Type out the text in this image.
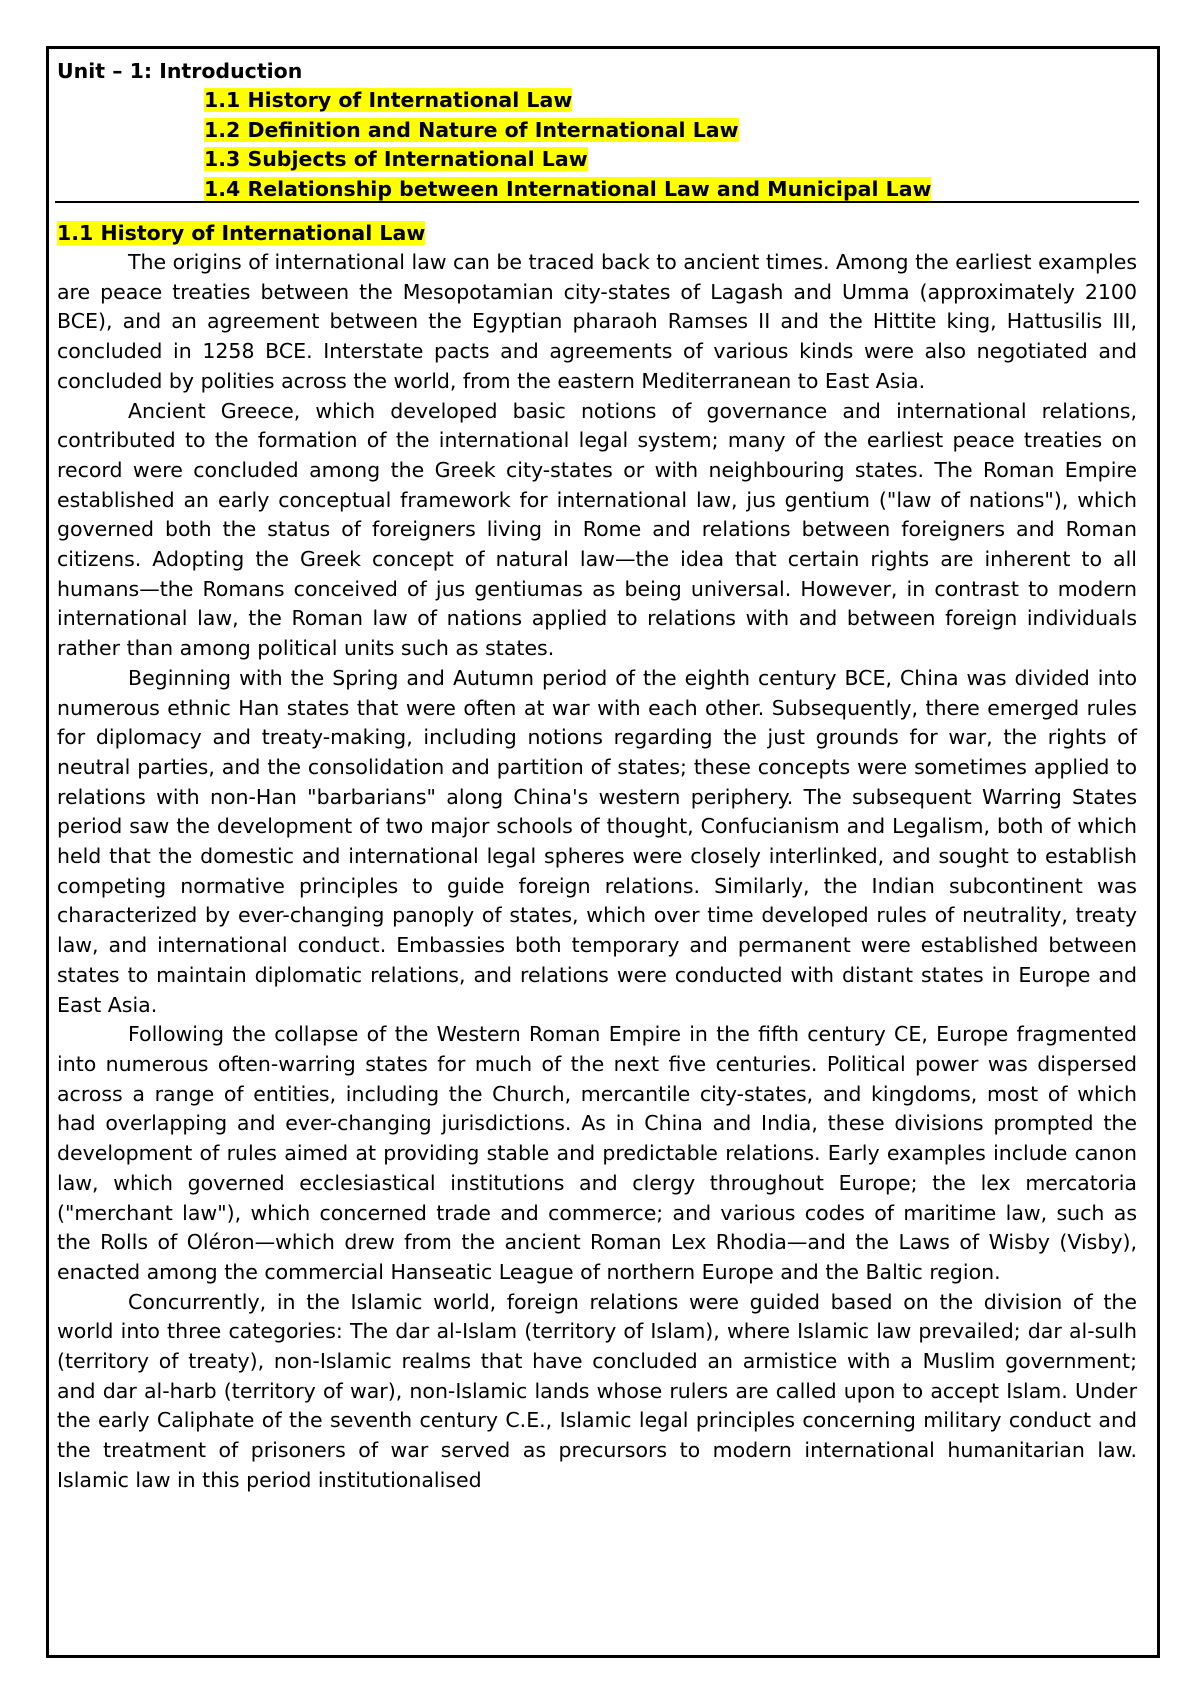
Unit – 1: Introduction

1.1 History of International Law
1.2 Definition and Nature of International Law
1.3 Subjects of International Law
1.4 Relationship between International Law and Municipal Law

1.1 History of International Law

The origins of international law can be traced back to ancient times. Among the earliest examples are peace treaties between the Mesopotamian city-states of Lagash and Umma (approximately 2100 BCE), and an agreement between the Egyptian pharaoh Ramses II and the Hittite king, Hattusilis III, concluded in 1258 BCE. Interstate pacts and agreements of various kinds were also negotiated and concluded by polities across the world, from the eastern Mediterranean to East Asia.

Ancient Greece, which developed basic notions of governance and international relations, contributed to the formation of the international legal system; many of the earliest peace treaties on record were concluded among the Greek city-states or with neighbouring states. The Roman Empire established an early conceptual framework for international law, jus gentium ("law of nations"), which governed both the status of foreigners living in Rome and relations between foreigners and Roman citizens. Adopting the Greek concept of natural law—the idea that certain rights are inherent to all humans—the Romans conceived of jus gentiumas as being universal. However, in contrast to modern international law, the Roman law of nations applied to relations with and between foreign individuals rather than among political units such as states.

Beginning with the Spring and Autumn period of the eighth century BCE, China was divided into numerous ethnic Han states that were often at war with each other. Subsequently, there emerged rules for diplomacy and treaty-making, including notions regarding the just grounds for war, the rights of neutral parties, and the consolidation and partition of states; these concepts were sometimes applied to relations with non-Han "barbarians" along China's western periphery. The subsequent Warring States period saw the development of two major schools of thought, Confucianism and Legalism, both of which held that the domestic and international legal spheres were closely interlinked, and sought to establish competing normative principles to guide foreign relations. Similarly, the Indian subcontinent was characterized by ever-changing panoply of states, which over time developed rules of neutrality, treaty law, and international conduct. Embassies both temporary and permanent were established between states to maintain diplomatic relations, and relations were conducted with distant states in Europe and East Asia.

Following the collapse of the Western Roman Empire in the fifth century CE, Europe fragmented into numerous often-warring states for much of the next five centuries. Political power was dispersed across a range of entities, including the Church, mercantile city-states, and kingdoms, most of which had overlapping and ever-changing jurisdictions. As in China and India, these divisions prompted the development of rules aimed at providing stable and predictable relations. Early examples include canon law, which governed ecclesiastical institutions and clergy throughout Europe; the lex mercatoria ("merchant law"), which concerned trade and commerce; and various codes of maritime law, such as the Rolls of Oléron—which drew from the ancient Roman Lex Rhodia—and the Laws of Wisby (Visby), enacted among the commercial Hanseatic League of northern Europe and the Baltic region.

Concurrently, in the Islamic world, foreign relations were guided based on the division of the world into three categories: The dar al-Islam (territory of Islam), where Islamic law prevailed; dar al-sulh (territory of treaty), non-Islamic realms that have concluded an armistice with a Muslim government; and dar al-harb (territory of war), non-Islamic lands whose rulers are called upon to accept Islam. Under the early Caliphate of the seventh century C.E., Islamic legal principles concerning military conduct and the treatment of prisoners of war served as precursors to modern international humanitarian law. Islamic law in this period institutionalised
